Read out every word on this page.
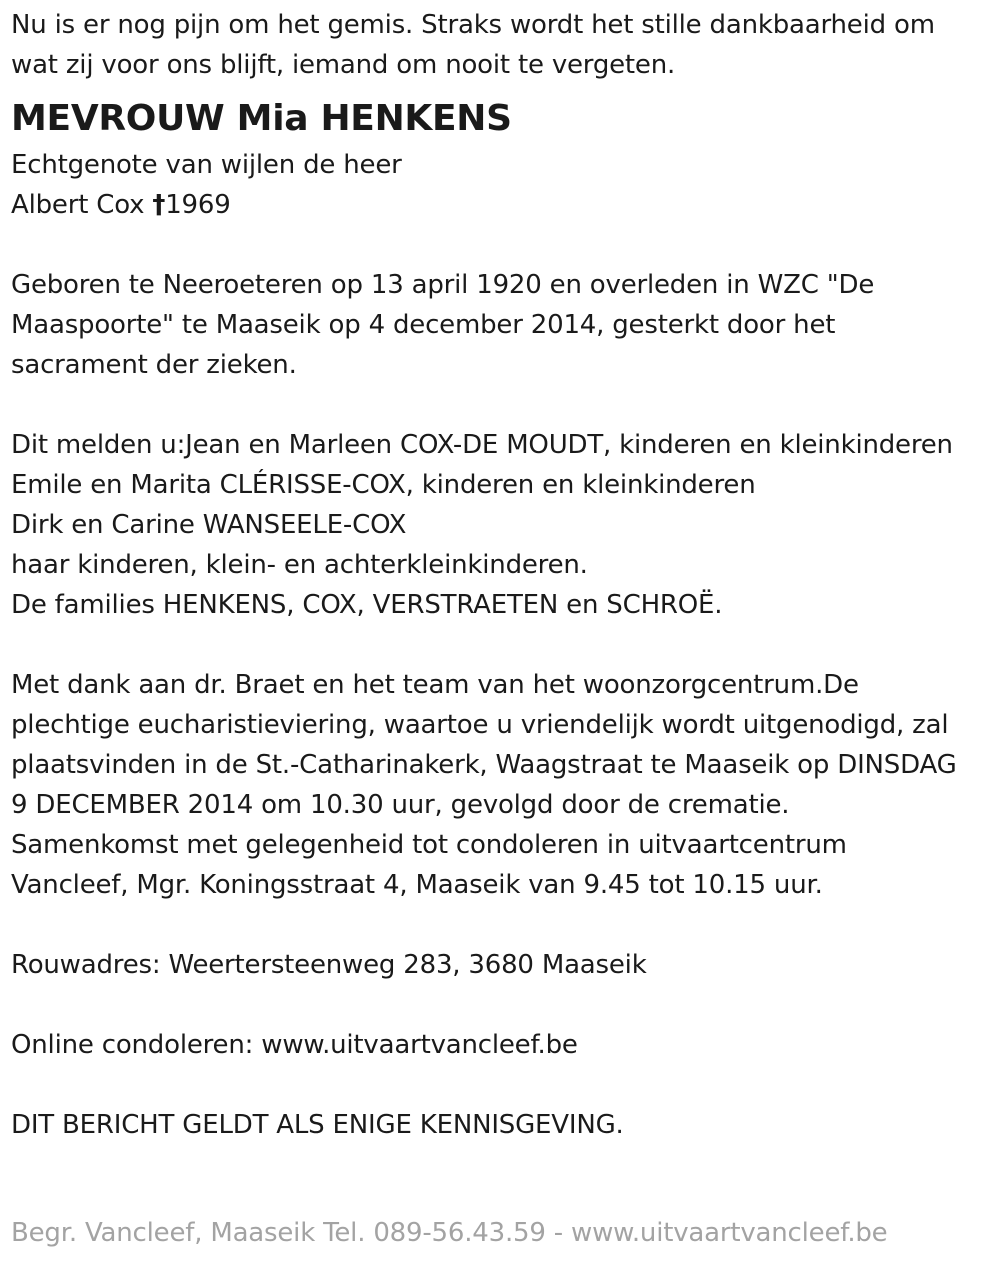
Nu is er nog pijn om het gemis. Straks wordt het stille dankbaarheid om
wat zij voor ons blijft, iemand om nooit te vergeten.
MEVROUW Mia HENKENS
Echtgenote van wijlen de heer
Albert Cox †1969
Geboren te Neeroeteren op 13 april 1920 en overleden in WZC "De
Maaspoorte" te Maaseik op 4 december 2014, gesterkt door het
sacrament der zieken.
Dit melden u:Jean en Marleen COX-DE MOUDT, kinderen en kleinkinderen
Emile en Marita CLÉRISSE-COX, kinderen en kleinkinderen
Dirk en Carine WANSEELE-COX
haar kinderen, klein- en achterkleinkinderen.
De families HENKENS, COX, VERSTRAETEN en SCHROË.
Met dank aan dr. Braet en het team van het woonzorgcentrum.De
plechtige eucharistieviering, waartoe u vriendelijk wordt uitgenodigd, zal
plaatsvinden in de St.-Catharinakerk, Waagstraat te Maaseik op DINSDAG
9 DECEMBER 2014 om 10.30 uur, gevolgd door de crematie.
Samenkomst met gelegenheid tot condoleren in uitvaartcentrum
Vancleef, Mgr. Koningsstraat 4, Maaseik van 9.45 tot 10.15 uur.
Rouwadres: Weertersteenweg 283, 3680 Maaseik
Online condoleren: www.uitvaartvancleef.be
DIT BERICHT GELDT ALS ENIGE KENNISGEVING.
Begr. Vancleef, Maaseik Tel. 089-56.43.59 - www.uitvaartvancleef.be
